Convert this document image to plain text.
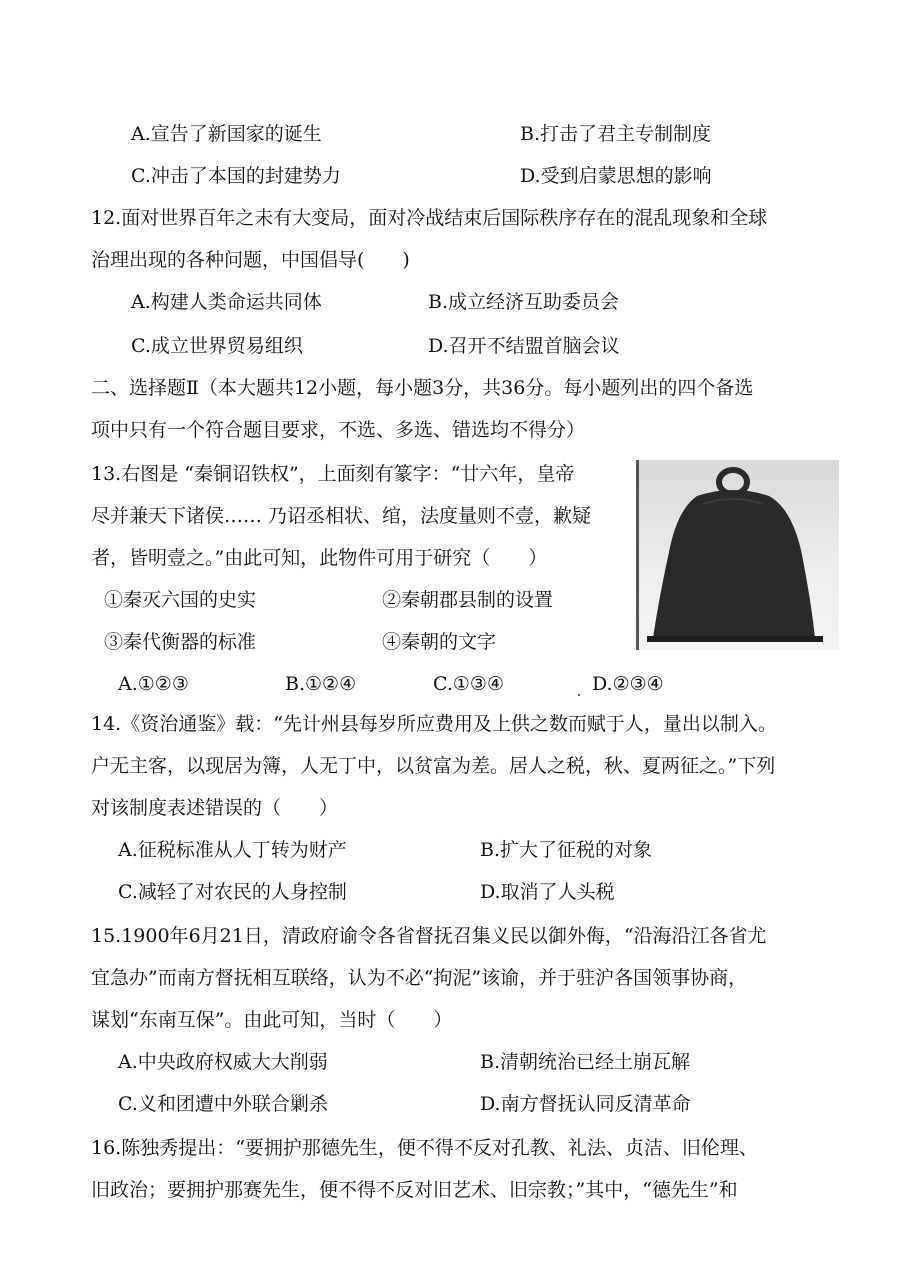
A.宣告了新国家的诞生	B.打击了君主专制制度
C.冲击了本国的封建势力	D.受到启蒙思想的影响
12.面对世界百年之未有大变局，面对冷战结束后国际秩序存在的混乱现象和全球
治理出现的各种问题，中国倡导(　　)
A.构建人类命运共同体	B.成立经济互助委员会
C.成立世界贸易组织	D.召开不结盟首脑会议
二、选择题Ⅱ（本大题共12小题，每小题3分，共36分。每小题列出的四个备选
项中只有一个符合题目要求，不选、多选、错选均不得分）
13.右图是 “秦铜诏铁权”，上面刻有篆字：“廿六年，皇帝
尽并兼天下诸侯…… 乃诏丞相状、绾，法度量则不壹，歉疑
者，皆明壹之。”由此可知，此物件可用于研究（　　）
①秦灭六国的史实	②秦朝郡县制的设置
③秦代衡器的标准	④秦朝的文字
A.①②③	B.①②④	C.①③④	D.②③④
14.《资治通鉴》载：“先计州县每岁所应费用及上供之数而赋于人，量出以制入。
户无主客，以现居为簿，人无丁中，以贫富为差。居人之税，秋、夏两征之。”下列
对该制度表述错误的（　　）
A.征税标准从人丁转为财产	B.扩大了征税的对象
C.减轻了对农民的人身控制	D.取消了人头税
15.1900年6月21日，清政府谕令各省督抚召集义民以御外侮，“沿海沿江各省尤
宜急办”而南方督抚相互联络，认为不必“拘泥”该谕，并于驻沪各国领事协商，
谋划“东南互保”。由此可知，当时（　　）
A.中央政府权威大大削弱	B.清朝统治已经土崩瓦解
C.义和团遭中外联合剿杀	D.南方督抚认同反清革命
16.陈独秀提出：“要拥护那德先生，便不得不反对孔教、礼法、贞洁、旧伦理、
旧政治；要拥护那赛先生，便不得不反对旧艺术、旧宗教；”其中，“德先生”和
